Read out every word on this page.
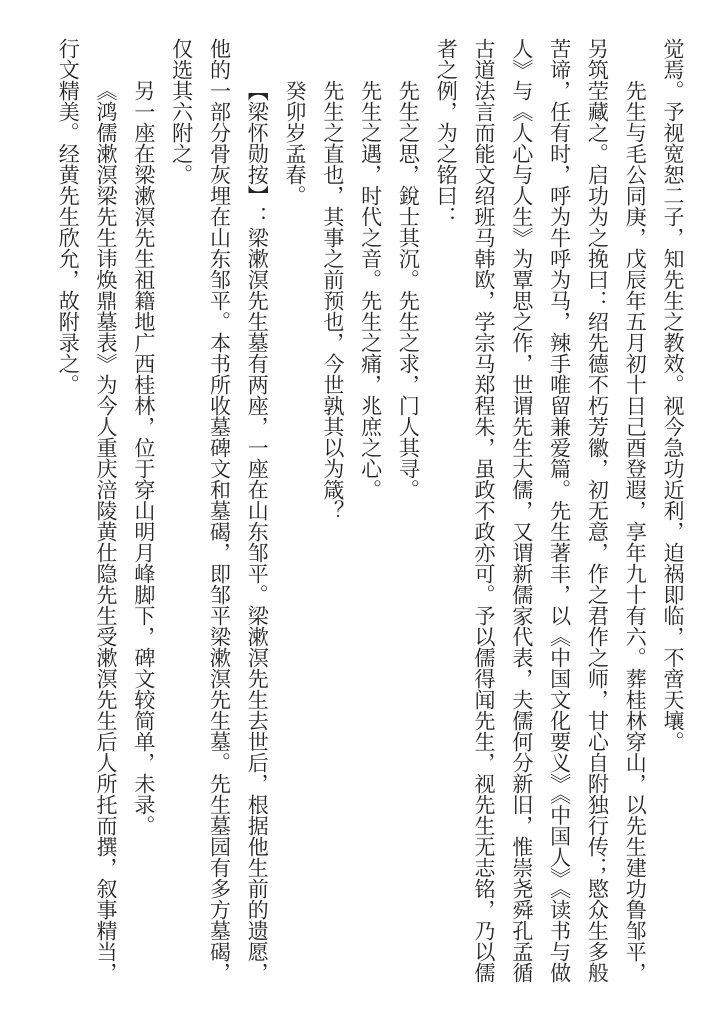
觉焉。予视宽恕二子，知先生之教效。视今急功近利，迫祸即临，不啻天壤。

先生与毛公同庚，戊辰年五月初十日己酉登遐，享年九十有六。葬桂林穿山，以先生建功鲁邹平，另筑茔藏之。启功为之挽曰：绍先德不朽芳徽，初无意，作之君作之师，甘心自附独行传；愍众生多般苦谛，任有时，呼为牛呼为马，辣手唯留兼爱篇。先生著丰，以《中国文化要义》《中国人》《读书与做人》与《人心与人生》为覃思之作，世谓先生大儒，又谓新儒家代表，夫儒何分新旧，惟崇尧舜孔孟循古道法言而能文绍班马韩欧，学宗马郑程朱，虽政不政亦可。予以儒得闻先生，视先生无志铭，乃以儒者之例，为之铭曰：

先生之思，銳士其沉。先生之求，门人其寻。

先生之遇，时代之音。先生之痛，兆庶之心。

先生之直也，其事之前预也，今世孰其以为箴？

癸卯岁孟春。

【梁怀勋按】：梁漱溟先生墓有两座，一座在山东邹平。梁漱溟先生去世后，根据他生前的遗愿，他的一部分骨灰埋在山东邹平。本书所收墓碑文和墓碣，即邹平梁漱溟先生墓。先生墓园有多方墓碣，仅选其六附之。

另一座在梁漱溟先生祖籍地广西桂林，位于穿山明月峰脚下，碑文较简单，未录。

《鸿儒漱溟梁先生讳焕鼎墓表》为今人重庆涪陵黄仕隐先生受漱溟先生后人所托而撰，叙事精当，行文精美。经黄先生欣允，故附录之。
